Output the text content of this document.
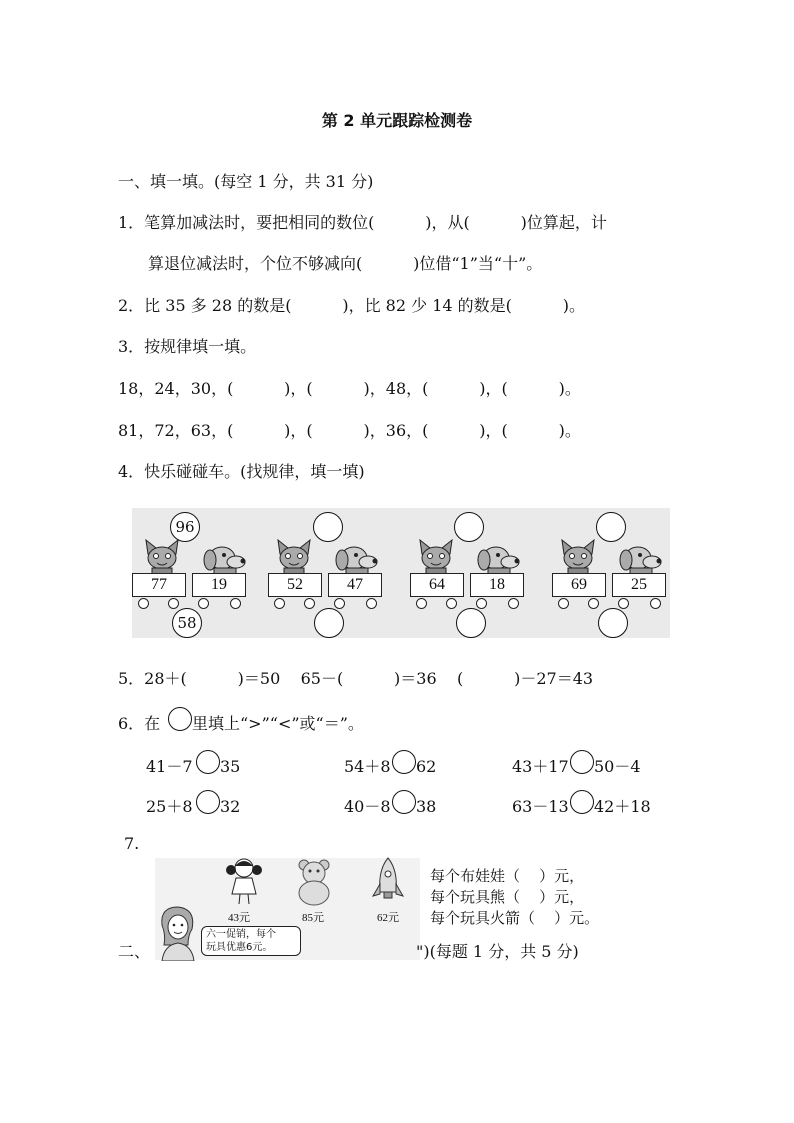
第 2 单元跟踪检测卷
一、填一填。(每空 1 分，共 31 分)
1．笔算加减法时，要把相同的数位(          )，从(          )位算起，计
算退位减法时，个位不够减向(          )位借“1”当“十”。
2．比 35 多 28 的数是(          )，比 82 少 14 的数是(          )。
3．按规律填一填。
18，24，30，(          )，(          )，48，(          )，(          )。
81，72，63，(          )，(          )，36，(          )，(          )。
4．快乐碰碰车。(找规律，填一填)
96
77	19
58
52	47	64	18	69	25
5．28＋(          )＝50    65－(          )＝36    (          )－27＝43
6．在 里填上“>”“<”或“＝”。
41－7 35	54＋8 62	43＋17 50－4
25＋8 32	40－8 38	63－13 42＋18
7.
43元	85元	62元
六一促销，每个
玩具优惠6元。
每个布娃娃（    ）元，
每个玩具熊（    ）元，
每个玩具火箭（    ）元。
二、	")(每题 1 分，共 5 分)
